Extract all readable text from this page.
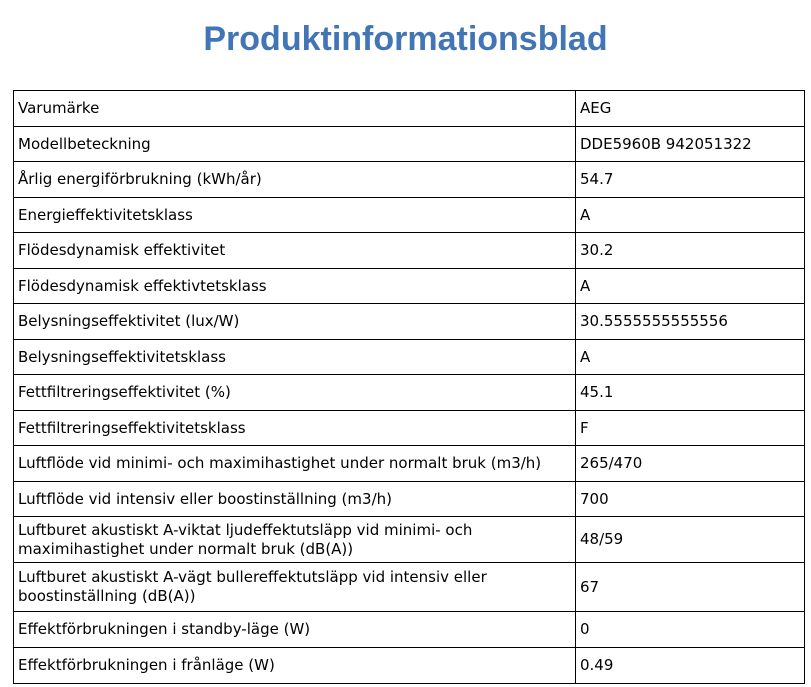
Produktinformationsblad
Varumärke	AEG
Modellbeteckning	DDE5960B 942051322
Årlig energiförbrukning (kWh/år)	54.7
Energieffektivitetsklass	A
Flödesdynamisk effektivitet	30.2
Flödesdynamisk effektivtetsklass	A
Belysningseffektivitet (lux/W)	30.5555555555556
Belysningseffektivitetsklass	A
Fettfiltreringseffektivitet (%)	45.1
Fettfiltreringseffektivitetsklass	F
Luftflöde vid minimi- och maximihastighet under normalt bruk (m3/h)	265/470
Luftflöde vid intensiv eller boostinställning (m3/h)	700
Luftburet akustiskt A-viktat ljudeffektutsläpp vid minimi- och maximihastighet under normalt bruk (dB(A))	48/59
Luftburet akustiskt A-vägt bullereffektutsläpp vid intensiv eller boostinställning (dB(A))	67
Effektförbrukningen i standby-läge (W)	0
Effektförbrukningen i frånläge (W)	0.49
